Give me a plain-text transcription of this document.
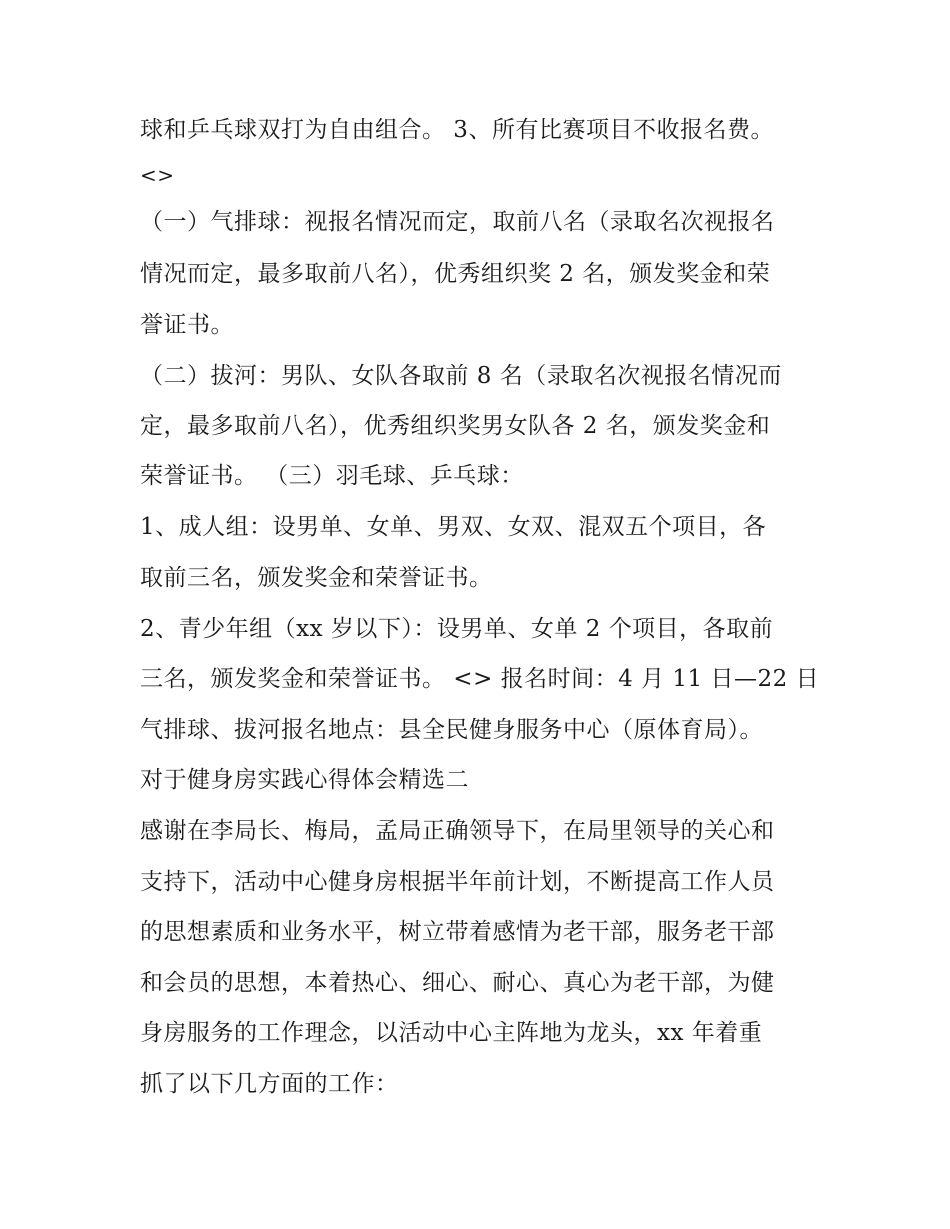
球和乒乓球双打为自由组合。 3、所有比赛项目不收报名费。
<>
（一）气排球：视报名情况而定，取前八名（录取名次视报名
情况而定，最多取前八名），优秀组织奖 2 名，颁发奖金和荣
誉证书。
（二）拔河：男队、女队各取前 8 名（录取名次视报名情况而
定，最多取前八名），优秀组织奖男女队各 2 名，颁发奖金和
荣誉证书。 （三）羽毛球、乒乓球：
1、成人组：设男单、女单、男双、女双、混双五个项目，各
取前三名，颁发奖金和荣誉证书。
2、青少年组（xx 岁以下）：设男单、女单 2 个项目，各取前
三名，颁发奖金和荣誉证书。 <> 报名时间：4 月 11 日—22 日
气排球、拔河报名地点：县全民健身服务中心（原体育局）。
对于健身房实践心得体会精选二
感谢在李局长、梅局，孟局正确领导下，在局里领导的关心和
支持下，活动中心健身房根据半年前计划，不断提高工作人员
的思想素质和业务水平，树立带着感情为老干部，服务老干部
和会员的思想，本着热心、细心、耐心、真心为老干部，为健
身房服务的工作理念，以活动中心主阵地为龙头，xx 年着重
抓了以下几方面的工作：
